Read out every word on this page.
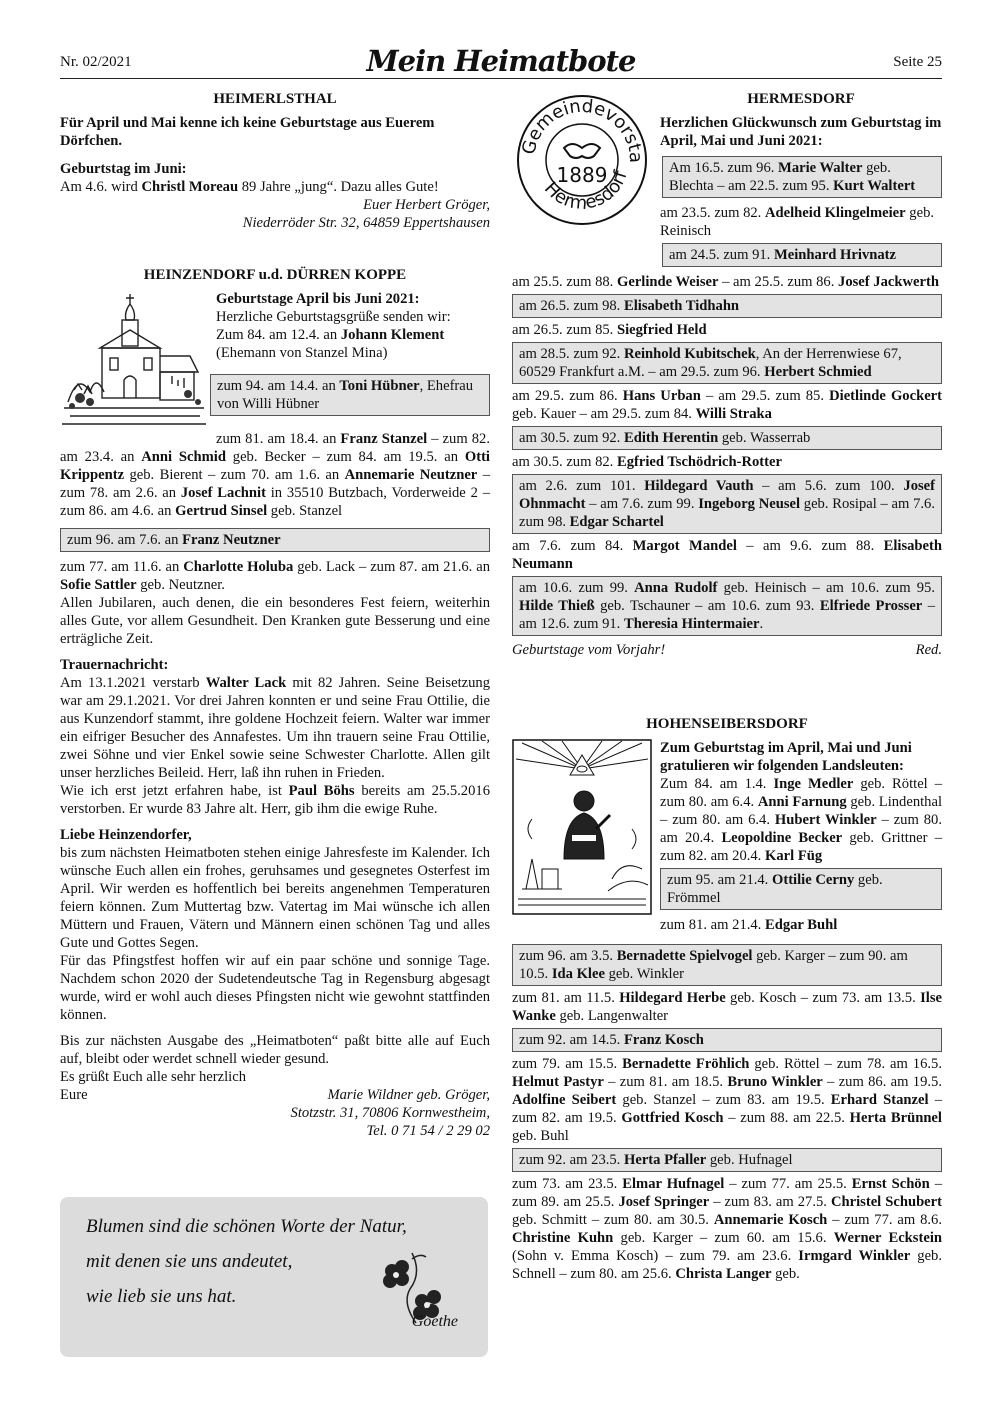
Nr. 02/2021	Mein Heimatbote	Seite 25
HEIMERLSTHAL

Für April und Mai kenne ich keine Geburtstage aus Euerem Dörfchen.

Geburtstag im Juni:

Am 4.6. wird Christl Moreau 89 Jahre „jung“. Dazu alles Gute!

Euer Herbert Gröger,

Niederröder Str. 32, 64859 Eppertshausen

HEINZENDORF u.d. DÜRREN KOPPE

Geburtstage April bis Juni 2021:

Herzliche Geburtstagsgrüße senden wir:

Zum 84. am 12.4. an Johann Klement (Ehemann von Stanzel Mina)

zum 94. am 14.4. an Toni Hübner, Ehefrau von Willi Hübner

zum 81. am 18.4. an Franz Stanzel – zum 82. am 23.4. an Anni Schmid geb. Becker – zum 84. am 19.5. an Otti Krippentz geb. Bierent – zum 70. am 1.6. an Annemarie Neutzner – zum 78. am 2.6. an Josef Lachnit in 35510 Butzbach, Vorderweide 2 – zum 86. am 4.6. an Gertrud Sinsel geb. Stanzel

zum 96. am 7.6. an Franz Neutzner

zum 77. am 11.6. an Charlotte Holuba geb. Lack – zum 87. am 21.6. an Sofie Sattler geb. Neutzner.

Allen Jubilaren, auch denen, die ein besonderes Fest feiern, weiterhin alles Gute, vor allem Gesundheit. Den Kranken gute Besserung und eine erträgliche Zeit.

Trauernachricht:

Am 13.1.2021 verstarb Walter Lack mit 82 Jahren. Seine Beisetzung war am 29.1.2021. Vor drei Jahren konnten er und seine Frau Ottilie, die aus Kunzendorf stammt, ihre goldene Hochzeit feiern. Walter war immer ein eifriger Besucher des Annafestes. Um ihn trauern seine Frau Ottilie, zwei Söhne und vier Enkel sowie seine Schwester Charlotte. Allen gilt unser herzliches Beileid. Herr, laß ihn ruhen in Frieden.

Wie ich erst jetzt erfahren habe, ist Paul Böhs bereits am 25.5.2016 verstorben. Er wurde 83 Jahre alt. Herr, gib ihm die ewige Ruhe.

Liebe Heinzendorfer,

bis zum nächsten Heimatboten stehen einige Jahresfeste im Kalender. Ich wünsche Euch allen ein frohes, geruhsames und gesegnetes Osterfest im April. Wir werden es hoffentlich bei bereits angenehmen Temperaturen feiern können. Zum Muttertag bzw. Vatertag im Mai wünsche ich allen Müttern und Frauen, Vätern und Männern einen schönen Tag und alles Gute und Gottes Segen.

Für das Pfingstfest hoffen wir auf ein paar schöne und sonnige Tage. Nachdem schon 2020 der Sudetendeutsche Tag in Regensburg abgesagt wurde, wird er wohl auch dieses Pfingsten nicht wie gewohnt stattfinden können.

Bis zur nächsten Ausgabe des „Heimatboten“ paßt bitte alle auf Euch auf, bleibt oder werdet schnell wieder gesund.

Es grüßt Euch alle sehr herzlich

Eure	Marie Wildner geb. Gröger,

Stotzstr. 31, 70806 Kornwestheim,

Tel. 0 71 54 / 2 29 02

Blumen sind die schönen Worte der Natur,
mit denen sie uns andeutet,
wie lieb sie uns hat.
Goethe
Gemeindevorsta
Hermesdorf
1889
HERMESDORF

Herzlichen Glückwunsch zum Geburtstag im April, Mai und Juni 2021:

Am 16.5. zum 96. Marie Walter geb. Blechta – am 22.5. zum 95. Kurt Waltert

am 23.5. zum 82. Adelheid Klingelmeier geb. Reinisch

am 24.5. zum 91. Meinhard Hrivnatz

am 25.5. zum 88. Gerlinde Weiser – am 25.5. zum 86. Josef Jackwerth

am 26.5. zum 98. Elisabeth Tidhahn

am 26.5. zum 85. Siegfried Held

am 28.5. zum 92. Reinhold Kubitschek, An der Herrenwiese 67, 60529 Frankfurt a.M. – am 29.5. zum 96. Herbert Schmied

am 29.5. zum 86. Hans Urban – am 29.5. zum 85. Dietlinde Gockert geb. Kauer – am 29.5. zum 84. Willi Straka

am 30.5. zum 92. Edith Herentin geb. Wasserrab

am 30.5. zum 82. Egfried Tschödrich-Rotter

am 2.6. zum 101. Hildegard Vauth – am 5.6. zum 100. Josef Ohnmacht – am 7.6. zum 99. Ingeborg Neusel geb. Rosipal – am 7.6. zum 98. Edgar Schartel

am 7.6. zum 84. Margot Mandel – am 9.6. zum 88. Elisabeth Neumann

am 10.6. zum 99. Anna Rudolf geb. Heinisch – am 10.6. zum 95. Hilde Thieß geb. Tschauner – am 10.6. zum 93. Elfriede Prosser – am 12.6. zum 91. Theresia Hintermaier.
Geburtstage vom Vorjahr!	Red.
HOHENSEIBERSDORF

Zum Geburtstag im April, Mai und Juni gratulieren wir folgenden Landsleuten:

Zum 84. am 1.4. Inge Medler geb. Röttel – zum 80. am 6.4. Anni Farnung geb. Lindenthal – zum 80. am 6.4. Hubert Winkler – zum 80. am 20.4. Leopoldine Becker geb. Grittner – zum 82. am 20.4. Karl Füg

zum 95. am 21.4. Ottilie Cerny geb. Frömmel

zum 81. am 21.4. Edgar Buhl

zum 96. am 3.5. Bernadette Spielvogel geb. Karger – zum 90. am 10.5. Ida Klee geb. Winkler

zum 81. am 11.5. Hildegard Herbe geb. Kosch – zum 73. am 13.5. Ilse Wanke geb. Langenwalter

zum 92. am 14.5. Franz Kosch

zum 79. am 15.5. Bernadette Fröhlich geb. Röttel – zum 78. am 16.5. Helmut Pastyr – zum 81. am 18.5. Bruno Winkler – zum 86. am 19.5. Adolfine Seibert geb. Stanzel – zum 83. am 19.5. Erhard Stanzel – zum 82. am 19.5. Gottfried Kosch – zum 88. am 22.5. Herta Brünnel geb. Buhl

zum 92. am 23.5. Herta Pfaller geb. Hufnagel

zum 73. am 23.5. Elmar Hufnagel – zum 77. am 25.5. Ernst Schön – zum 89. am 25.5. Josef Springer – zum 83. am 27.5. Christel Schubert geb. Schmitt – zum 80. am 30.5. Annemarie Kosch – zum 77. am 8.6. Christine Kuhn geb. Karger – zum 60. am 15.6. Werner Eckstein (Sohn v. Emma Kosch) – zum 79. am 23.6. Irmgard Winkler geb. Schnell – zum 80. am 25.6. Christa Langer geb.
